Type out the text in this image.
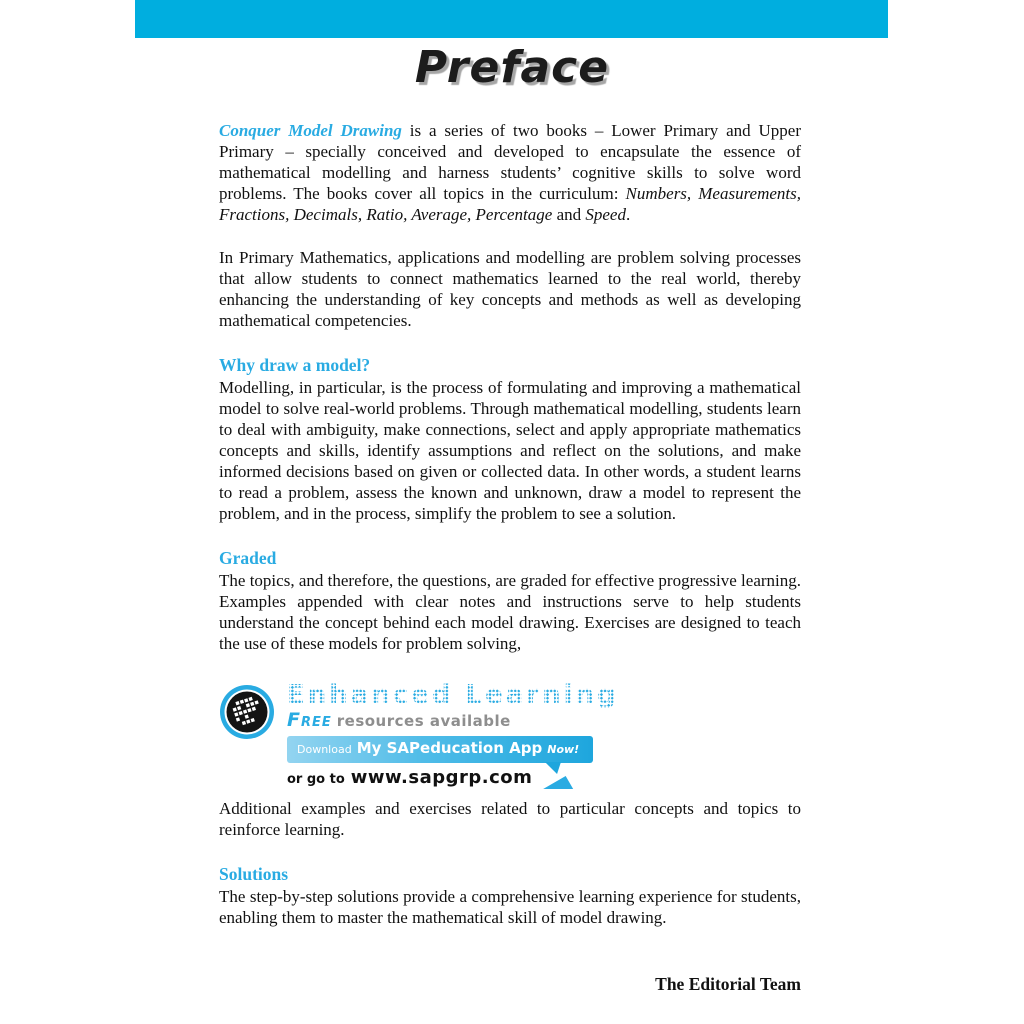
Preface

Conquer Model Drawing is a series of two books – Lower Primary and Upper Primary – specially conceived and developed to encapsulate the essence of mathematical modelling and harness students’ cognitive skills to solve word problems. The books cover all topics in the curriculum: Numbers, Measurements, Fractions, Decimals, Ratio, Average, Percentage and Speed.

In Primary Mathematics, applications and modelling are problem solving processes that allow students to connect mathematics learned to the real world, thereby enhancing the understanding of key concepts and methods as well as developing mathematical competencies.

Why draw a model?

Modelling, in particular, is the process of formulating and improving a mathematical model to solve real-world problems. Through mathematical modelling, students learn to deal with ambiguity, make connections, select and apply appropriate mathematics concepts and skills, identify assumptions and reflect on the solutions, and make informed decisions based on given or collected data. In other words, a student learns to read a problem, assess the known and unknown, draw a model to represent the problem, and in the process, simplify the problem to see a solution.

Graded

The topics, and therefore, the questions, are graded for effective progressive learning. Examples appended with clear notes and instructions serve to help students understand the concept behind each model drawing. Exercises are designed to teach the use of these models for problem solving,

Enhanced Learning
Free resources available
Download My SAPeducation App Now!
or go to www.sapgrp.com

Additional examples and exercises related to particular concepts and topics to reinforce learning.

Solutions

The step-by-step solutions provide a comprehensive learning experience for students, enabling them to master the mathematical skill of model drawing.

The Editorial Team
